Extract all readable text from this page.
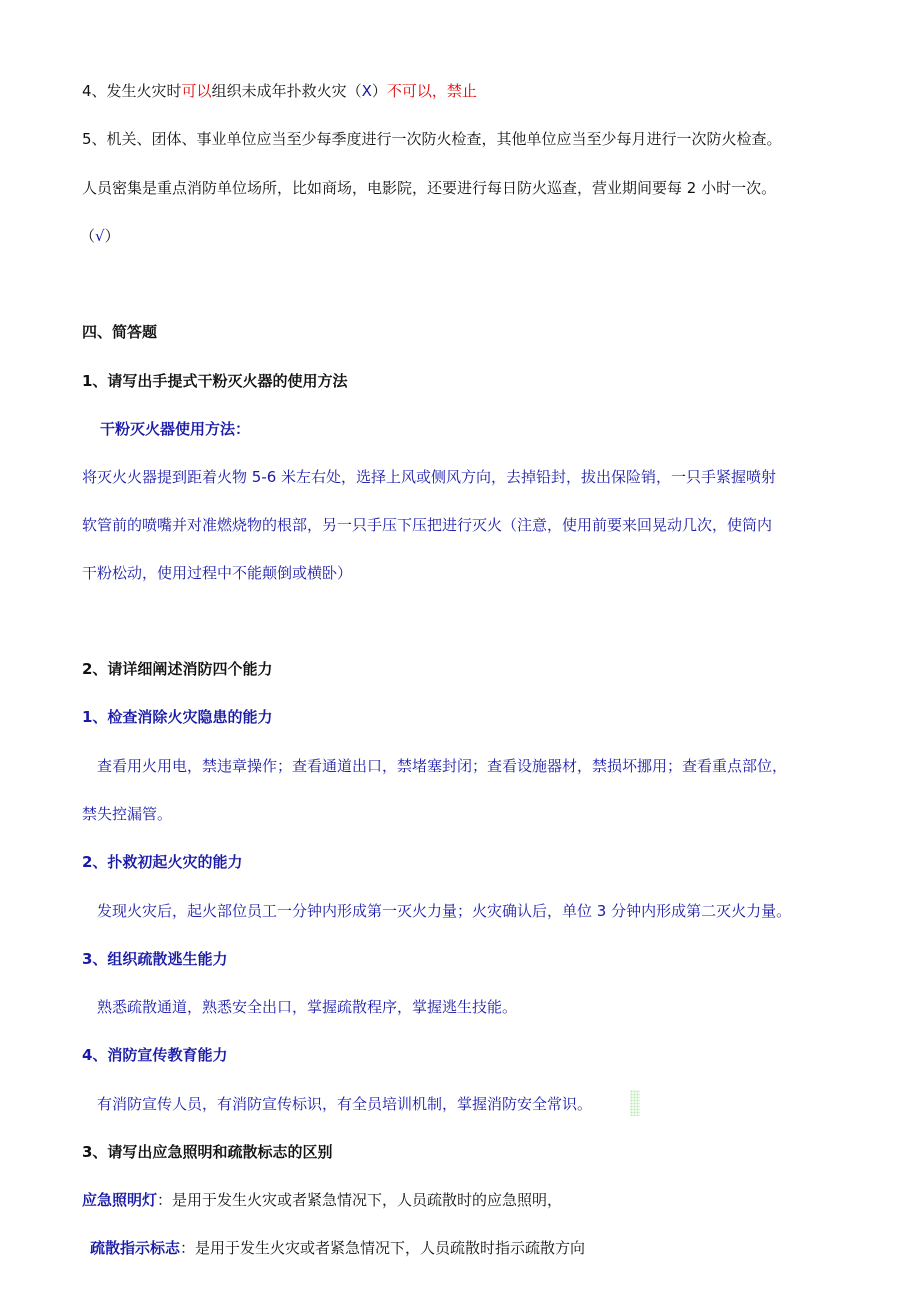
4、发生火灾时可以组织未成年扑救火灾（X）不可以，禁止
5、机关、团体、事业单位应当至少每季度进行一次防火检查，其他单位应当至少每月进行一次防火检查。
人员密集是重点消防单位场所，比如商场，电影院，还要进行每日防火巡查，营业期间要每 2 小时一次。
（√）
四、简答题
1、请写出手提式干粉灭火器的使用方法
干粉灭火器使用方法：
将灭火火器提到距着火物 5-6 米左右处，选择上风或侧风方向，去掉铅封，拔出保险销，一只手紧握喷射
软管前的喷嘴并对准燃烧物的根部，另一只手压下压把进行灭火（注意，使用前要来回晃动几次，使筒内
干粉松动，使用过程中不能颠倒或横卧）
2、请详细阐述消防四个能力
1、检查消除火灾隐患的能力
查看用火用电，禁违章操作；查看通道出口，禁堵塞封闭；查看设施器材，禁损坏挪用；查看重点部位，
禁失控漏管。
2、扑救初起火灾的能力
发现火灾后，起火部位员工一分钟内形成第一灭火力量；火灾确认后，单位 3 分钟内形成第二灭火力量。
3、组织疏散逃生能力
熟悉疏散通道，熟悉安全出口，掌握疏散程序，掌握逃生技能。
4、消防宣传教育能力
有消防宣传人员，有消防宣传标识，有全员培训机制，掌握消防安全常识。
3、请写出应急照明和疏散标志的区别
应急照明灯：是用于发生火灾或者紧急情况下，人员疏散时的应急照明，
疏散指示标志：是用于发生火灾或者紧急情况下，人员疏散时指示疏散方向
